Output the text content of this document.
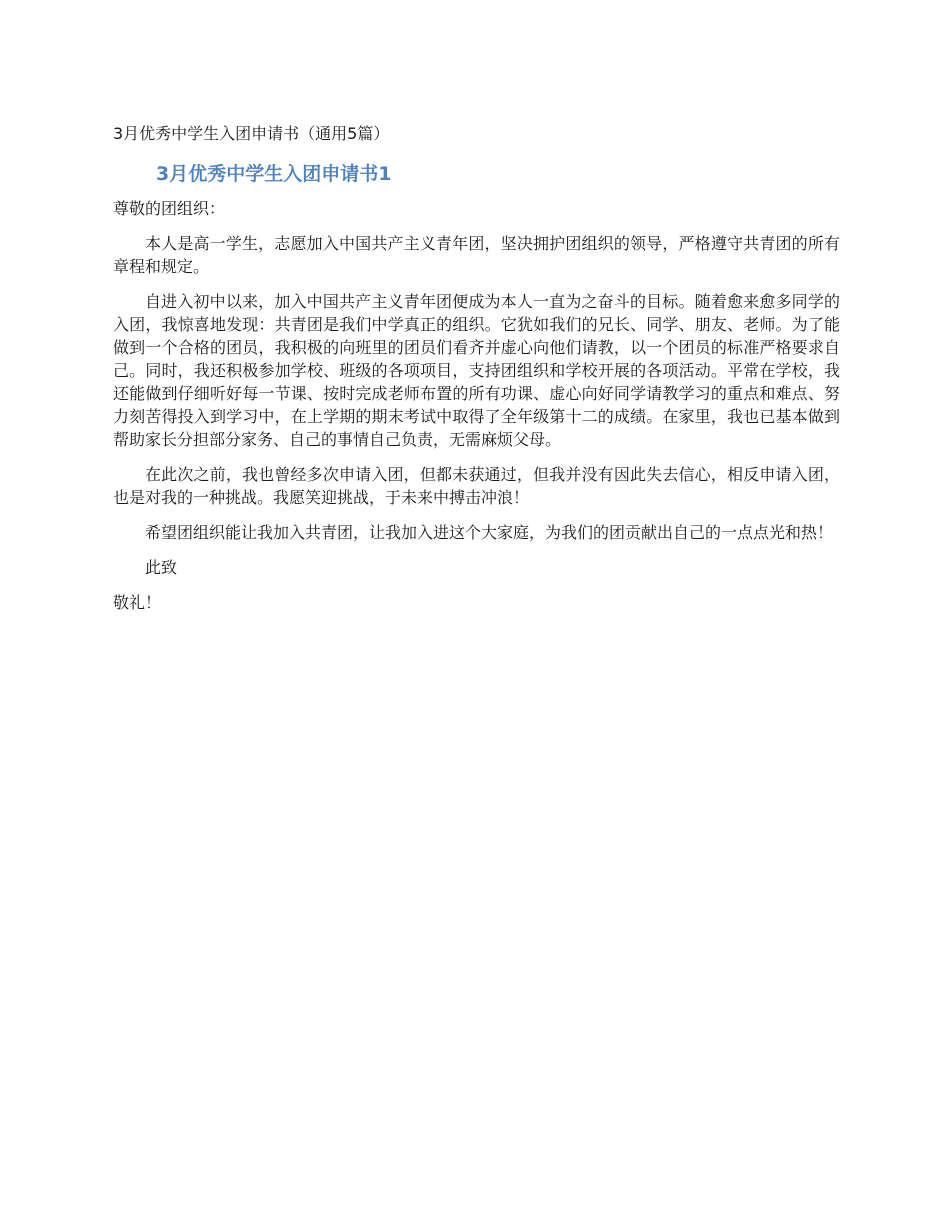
3月优秀中学生入团申请书（通用5篇）
3月优秀中学生入团申请书1

尊敬的团组织：

本人是高一学生，志愿加入中国共产主义青年团，坚决拥护团组织的领导，严格遵守共青团的所有章程和规定。

自进入初中以来，加入中国共产主义青年团便成为本人一直为之奋斗的目标。随着愈来愈多同学的入团，我惊喜地发现：共青团是我们中学真正的组织。它犹如我们的兄长、同学、朋友、老师。为了能做到一个合格的团员，我积极的向班里的团员们看齐并虚心向他们请教，以一个团员的标准严格要求自己。同时，我还积极参加学校、班级的各项项目，支持团组织和学校开展的各项活动。平常在学校，我还能做到仔细听好每一节课、按时完成老师布置的所有功课、虚心向好同学请教学习的重点和难点、努力刻苦得投入到学习中，在上学期的期末考试中取得了全年级第十二的成绩。在家里，我也已基本做到帮助家长分担部分家务、自己的事情自己负责，无需麻烦父母。

在此次之前，我也曾经多次申请入团，但都未获通过，但我并没有因此失去信心，相反申请入团，也是对我的一种挑战。我愿笑迎挑战，于未来中搏击冲浪！

希望团组织能让我加入共青团，让我加入进这个大家庭，为我们的团贡献出自己的一点点光和热！

此致

敬礼！
